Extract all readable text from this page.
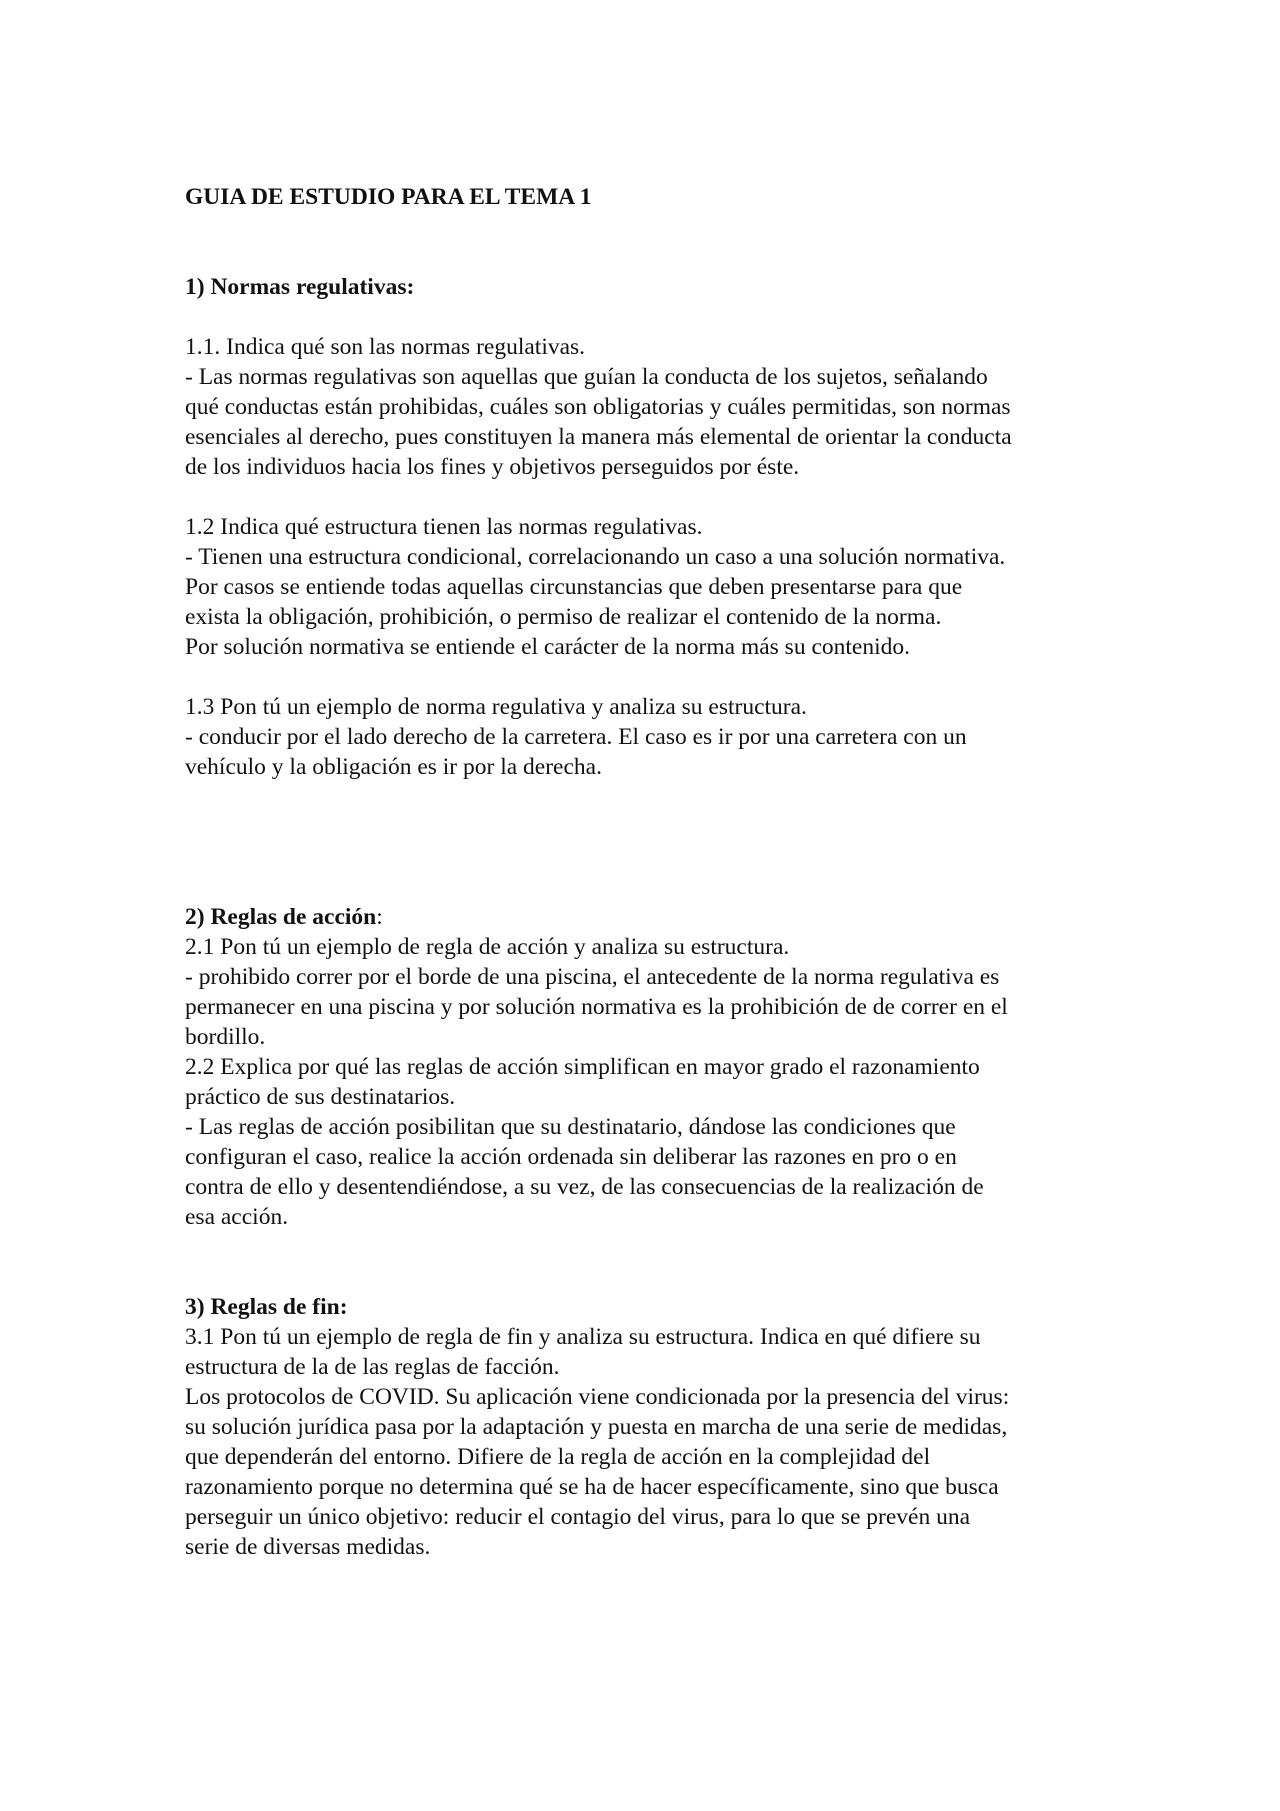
GUIA DE ESTUDIO PARA EL TEMA 1

1) Normas regulativas:

1.1. Indica qué son las normas regulativas.

- Las normas regulativas son aquellas que guían la conducta de los sujetos, señalando

qué conductas están prohibidas, cuáles son obligatorias y cuáles permitidas, son normas

esenciales al derecho, pues constituyen la manera más elemental de orientar la conducta

de los individuos hacia los fines y objetivos perseguidos por éste.

1.2 Indica qué estructura tienen las normas regulativas.

- Tienen una estructura condicional, correlacionando un caso a una solución normativa.

Por casos se entiende todas aquellas circunstancias que deben presentarse para que

exista la obligación, prohibición, o permiso de realizar el contenido de la norma.

Por solución normativa se entiende el carácter de la norma más su contenido.

1.3 Pon tú un ejemplo de norma regulativa y analiza su estructura.

- conducir por el lado derecho de la carretera. El caso es ir por una carretera con un

vehículo y la obligación es ir por la derecha.

2) Reglas de acción:

2.1 Pon tú un ejemplo de regla de acción y analiza su estructura.

- prohibido correr por el borde de una piscina, el antecedente de la norma regulativa es

permanecer en una piscina y por solución normativa es la prohibición de de correr en el

bordillo.

2.2 Explica por qué las reglas de acción simplifican en mayor grado el razonamiento

práctico de sus destinatarios.

- Las reglas de acción posibilitan que su destinatario, dándose las condiciones que

configuran el caso, realice la acción ordenada sin deliberar las razones en pro o en

contra de ello y desentendiéndose, a su vez, de las consecuencias de la realización de

esa acción.

3) Reglas de fin:

3.1 Pon tú un ejemplo de regla de fin y analiza su estructura. Indica en qué difiere su

estructura de la de las reglas de facción.

Los protocolos de COVID. Su aplicación viene condicionada por la presencia del virus:

su solución jurídica pasa por la adaptación y puesta en marcha de una serie de medidas,

que dependerán del entorno. Difiere de la regla de acción en la complejidad del

razonamiento porque no determina qué se ha de hacer específicamente, sino que busca

perseguir un único objetivo: reducir el contagio del virus, para lo que se prevén una

serie de diversas medidas.
